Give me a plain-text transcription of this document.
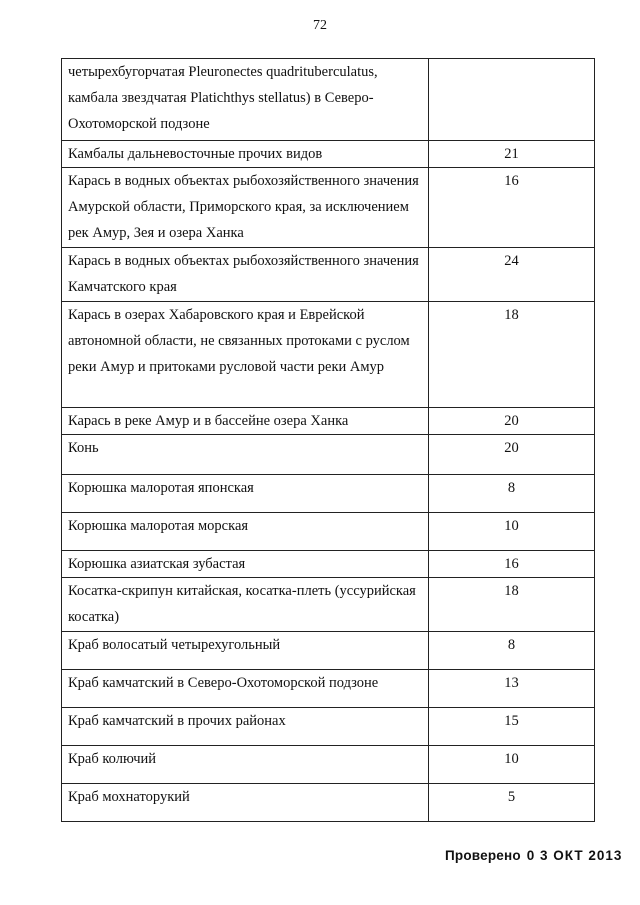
72
четырехбугорчатая Pleuronectes quadrituberculatus, камбала звездчатая Platichthys stellatus) в Северо-Охотоморской подзоне	
Камбалы дальневосточные прочих видов	21
Карась в водных объектах рыбохозяйственного значения Амурской области, Приморского края, за исключением рек Амур, Зея и озера Ханка	16
Карась в водных объектах рыбохозяйственного значения Камчатского края	24
Карась в озерах Хабаровского края и Еврейской автономной области, не связанных протоками с руслом реки Амур и притоками русловой части реки Амур	18
Карась в реке Амур и в бассейне озера Ханка	20
Конь	20
Корюшка малоротая японская	8
Корюшка малоротая морская	10
Корюшка азиатская зубастая	16
Косатка-скрипун китайская, косатка-плеть (уссурийская косатка)	18
Краб волосатый четырехугольный	8
Краб камчатский в Северо-Охотоморской подзоне	13
Краб камчатский в прочих районах	15
Краб колючий	10
Краб мохнаторукий	5
Проверено 0 3 ОКТ 2013
